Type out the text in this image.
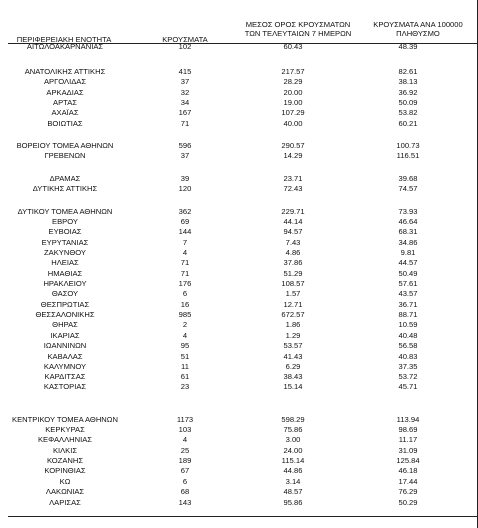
ΠΕΡΙΦΕΡΕΙΑΚΗ ΕΝΟΤΗΤΑ	ΚΡΟΥΣΜΑΤΑ
ΜΕΣΟΣ ΟΡΟΣ ΚΡΟΥΣΜΑΤΩΝ
ΤΩΝ ΤΕΛΕΥΤΑΙΩΝ 7 ΗΜΕΡΩΝ
ΚΡΟΥΣΜΑΤΑ ΑΝΑ 100000
ΠΛΗΘΥΣΜΟ
ΑΙΤΩΛΟΑΚΑΡΝΑΝΙΑΣ	102	60.43	48.39
ΑΝΑΤΟΛΙΚΗΣ ΑΤΤΙΚΗΣ	415	217.57	82.61
ΑΡΓΟΛΙΔΑΣ	37	28.29	38.13
ΑΡΚΑΔΙΑΣ	32	20.00	36.92
ΑΡΤΑΣ	34	19.00	50.09
ΑΧΑΪΑΣ	167	107.29	53.82
ΒΟΙΩΤΙΑΣ	71	40.00	60.21
ΒΟΡΕΙΟΥ ΤΟΜΕΑ ΑΘΗΝΩΝ	596	290.57	100.73
ΓΡΕΒΕΝΩΝ	37	14.29	116.51
ΔΡΑΜΑΣ	39	23.71	39.68
ΔΥΤΙΚΗΣ ΑΤΤΙΚΗΣ	120	72.43	74.57
ΔΥΤΙΚΟΥ ΤΟΜΕΑ ΑΘΗΝΩΝ	362	229.71	73.93
ΕΒΡΟΥ	69	44.14	46.64
ΕΥΒΟΙΑΣ	144	94.57	68.31
ΕΥΡΥΤΑΝΙΑΣ	7	7.43	34.86
ΖΑΚΥΝΘΟΥ	4	4.86	9.81
ΗΛΕΙΑΣ	71	37.86	44.57
ΗΜΑΘΙΑΣ	71	51.29	50.49
ΗΡΑΚΛΕΙΟΥ	176	108.57	57.61
ΘΑΣΟΥ	6	1.57	43.57
ΘΕΣΠΡΩΤΙΑΣ	16	12.71	36.71
ΘΕΣΣΑΛΟΝΙΚΗΣ	985	672.57	88.71
ΘΗΡΑΣ	2	1.86	10.59
ΙΚΑΡΙΑΣ	4	1.29	40.48
ΙΩΑΝΝΙΝΩΝ	95	53.57	56.58
ΚΑΒΑΛΑΣ	51	41.43	40.83
ΚΑΛΥΜΝΟΥ	11	6.29	37.35
ΚΑΡΔΙΤΣΑΣ	61	38.43	53.72
ΚΑΣΤΟΡΙΑΣ	23	15.14	45.71
ΚΕΝΤΡΙΚΟΥ ΤΟΜΕΑ ΑΘΗΝΩΝ	1173	598.29	113.94
ΚΕΡΚΥΡΑΣ	103	75.86	98.69
ΚΕΦΑΛΛΗΝΙΑΣ	4	3.00	11.17
ΚΙΛΚΙΣ	25	24.00	31.09
ΚΟΖΑΝΗΣ	189	115.14	125.84
ΚΟΡΙΝΘΙΑΣ	67	44.86	46.18
ΚΩ	6	3.14	17.44
ΛΑΚΩΝΙΑΣ	68	48.57	76.29
ΛΑΡΙΣΑΣ	143	95.86	50.29
